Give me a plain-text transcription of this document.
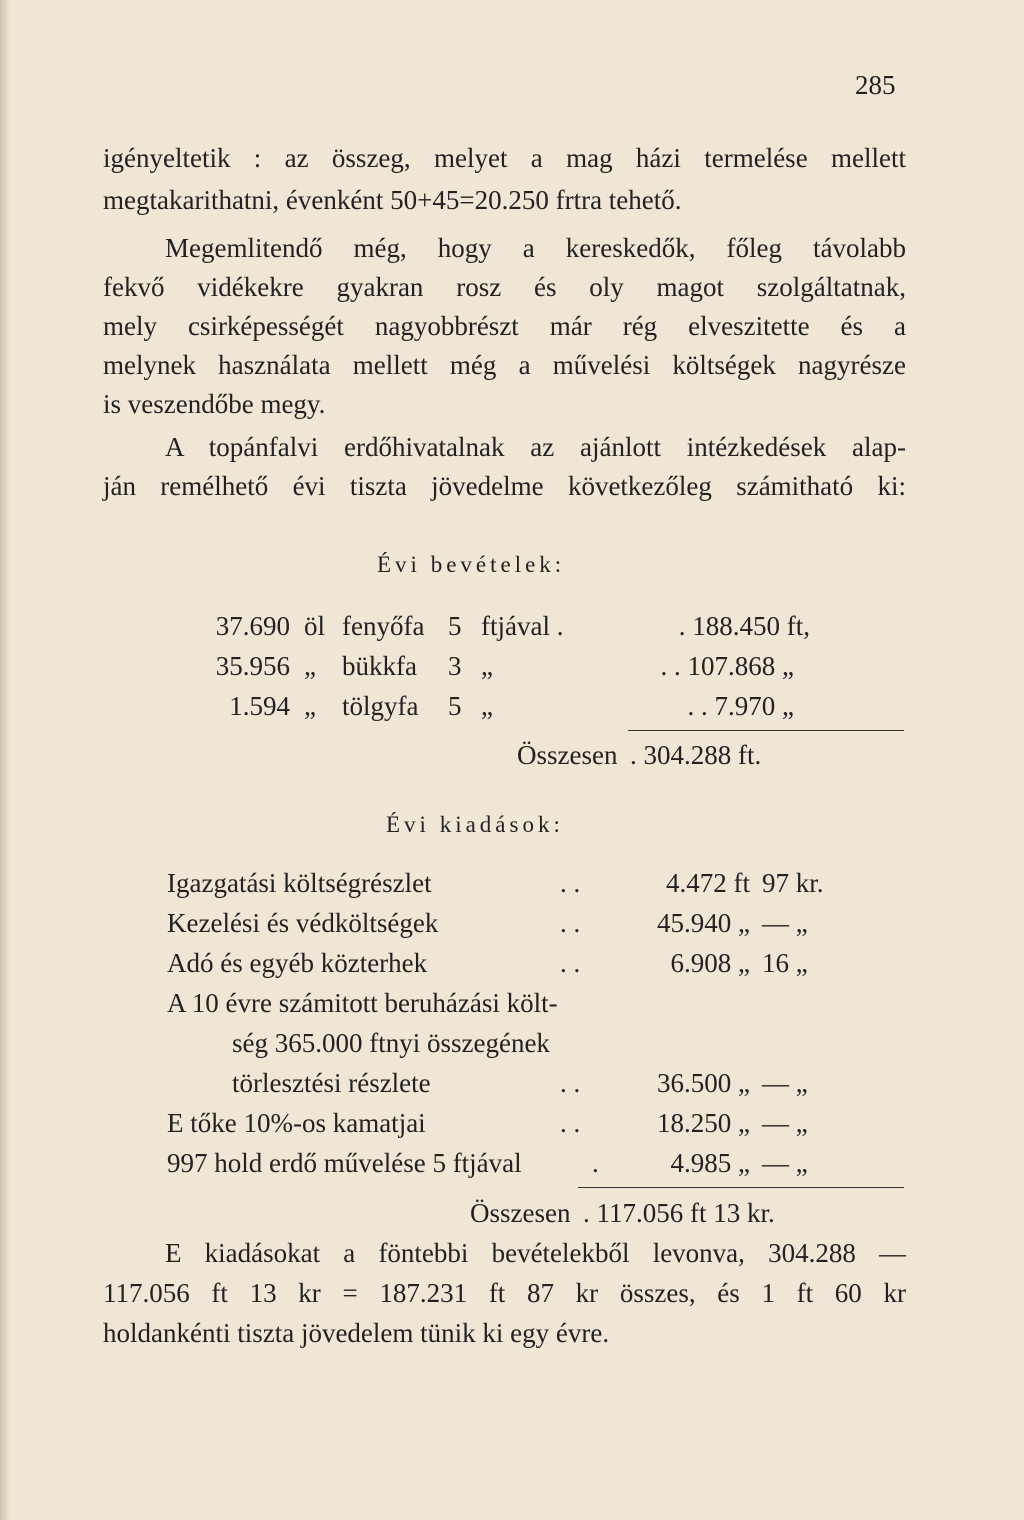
285
igényeltetik : az összeg, melyet a mag házi termelése mellett
megtakarithatni, évenként 50+45=20.250 frtra tehető.
Megemlitendő még, hogy a kereskedők, főleg távolabb
fekvő vidékekre gyakran rosz és oly magot szolgáltatnak,
mely csirképességét nagyobbrészt már rég elveszitette és a
melynek használata mellett még a művelési költségek nagyrésze
is veszendőbe megy.
A topánfalvi erdőhivatalnak az ajánlott intézkedések alap-
ján remélhető évi tiszta jövedelme következőleg számitható ki:
Évi bevételek:
37.690 öl fenyőfa 5 ftjával .	. 188.450 ft,
35.956 „ bükkfa 3 „	. . 107.868 „
1.594 „ tölgyfa 5 „	. . 7.970 „
Összesen . 304.288 ft.
Évi kiadások:
Igazgatási költségrészlet	. .	4.472 ft 97 kr.
Kezelési és védköltségek	. .	45.940 „ — „
Adó és egyéb közterhek	. .	6.908 „ 16 „
A 10 évre számitott beruházási költ-
ség 365.000 ftnyi összegének
törlesztési részlete	. .	36.500 „ — „
E tőke 10%-os kamatjai	. .	18.250 „ — „
997 hold erdő művelése 5 ftjával	.	4.985 „ — „
Összesen . 117.056 ft 13 kr.
E kiadásokat a föntebbi bevételekből levonva, 304.288 —
117.056 ft 13 kr = 187.231 ft 87 kr összes, és 1 ft 60 kr
holdankénti tiszta jövedelem tünik ki egy évre.
